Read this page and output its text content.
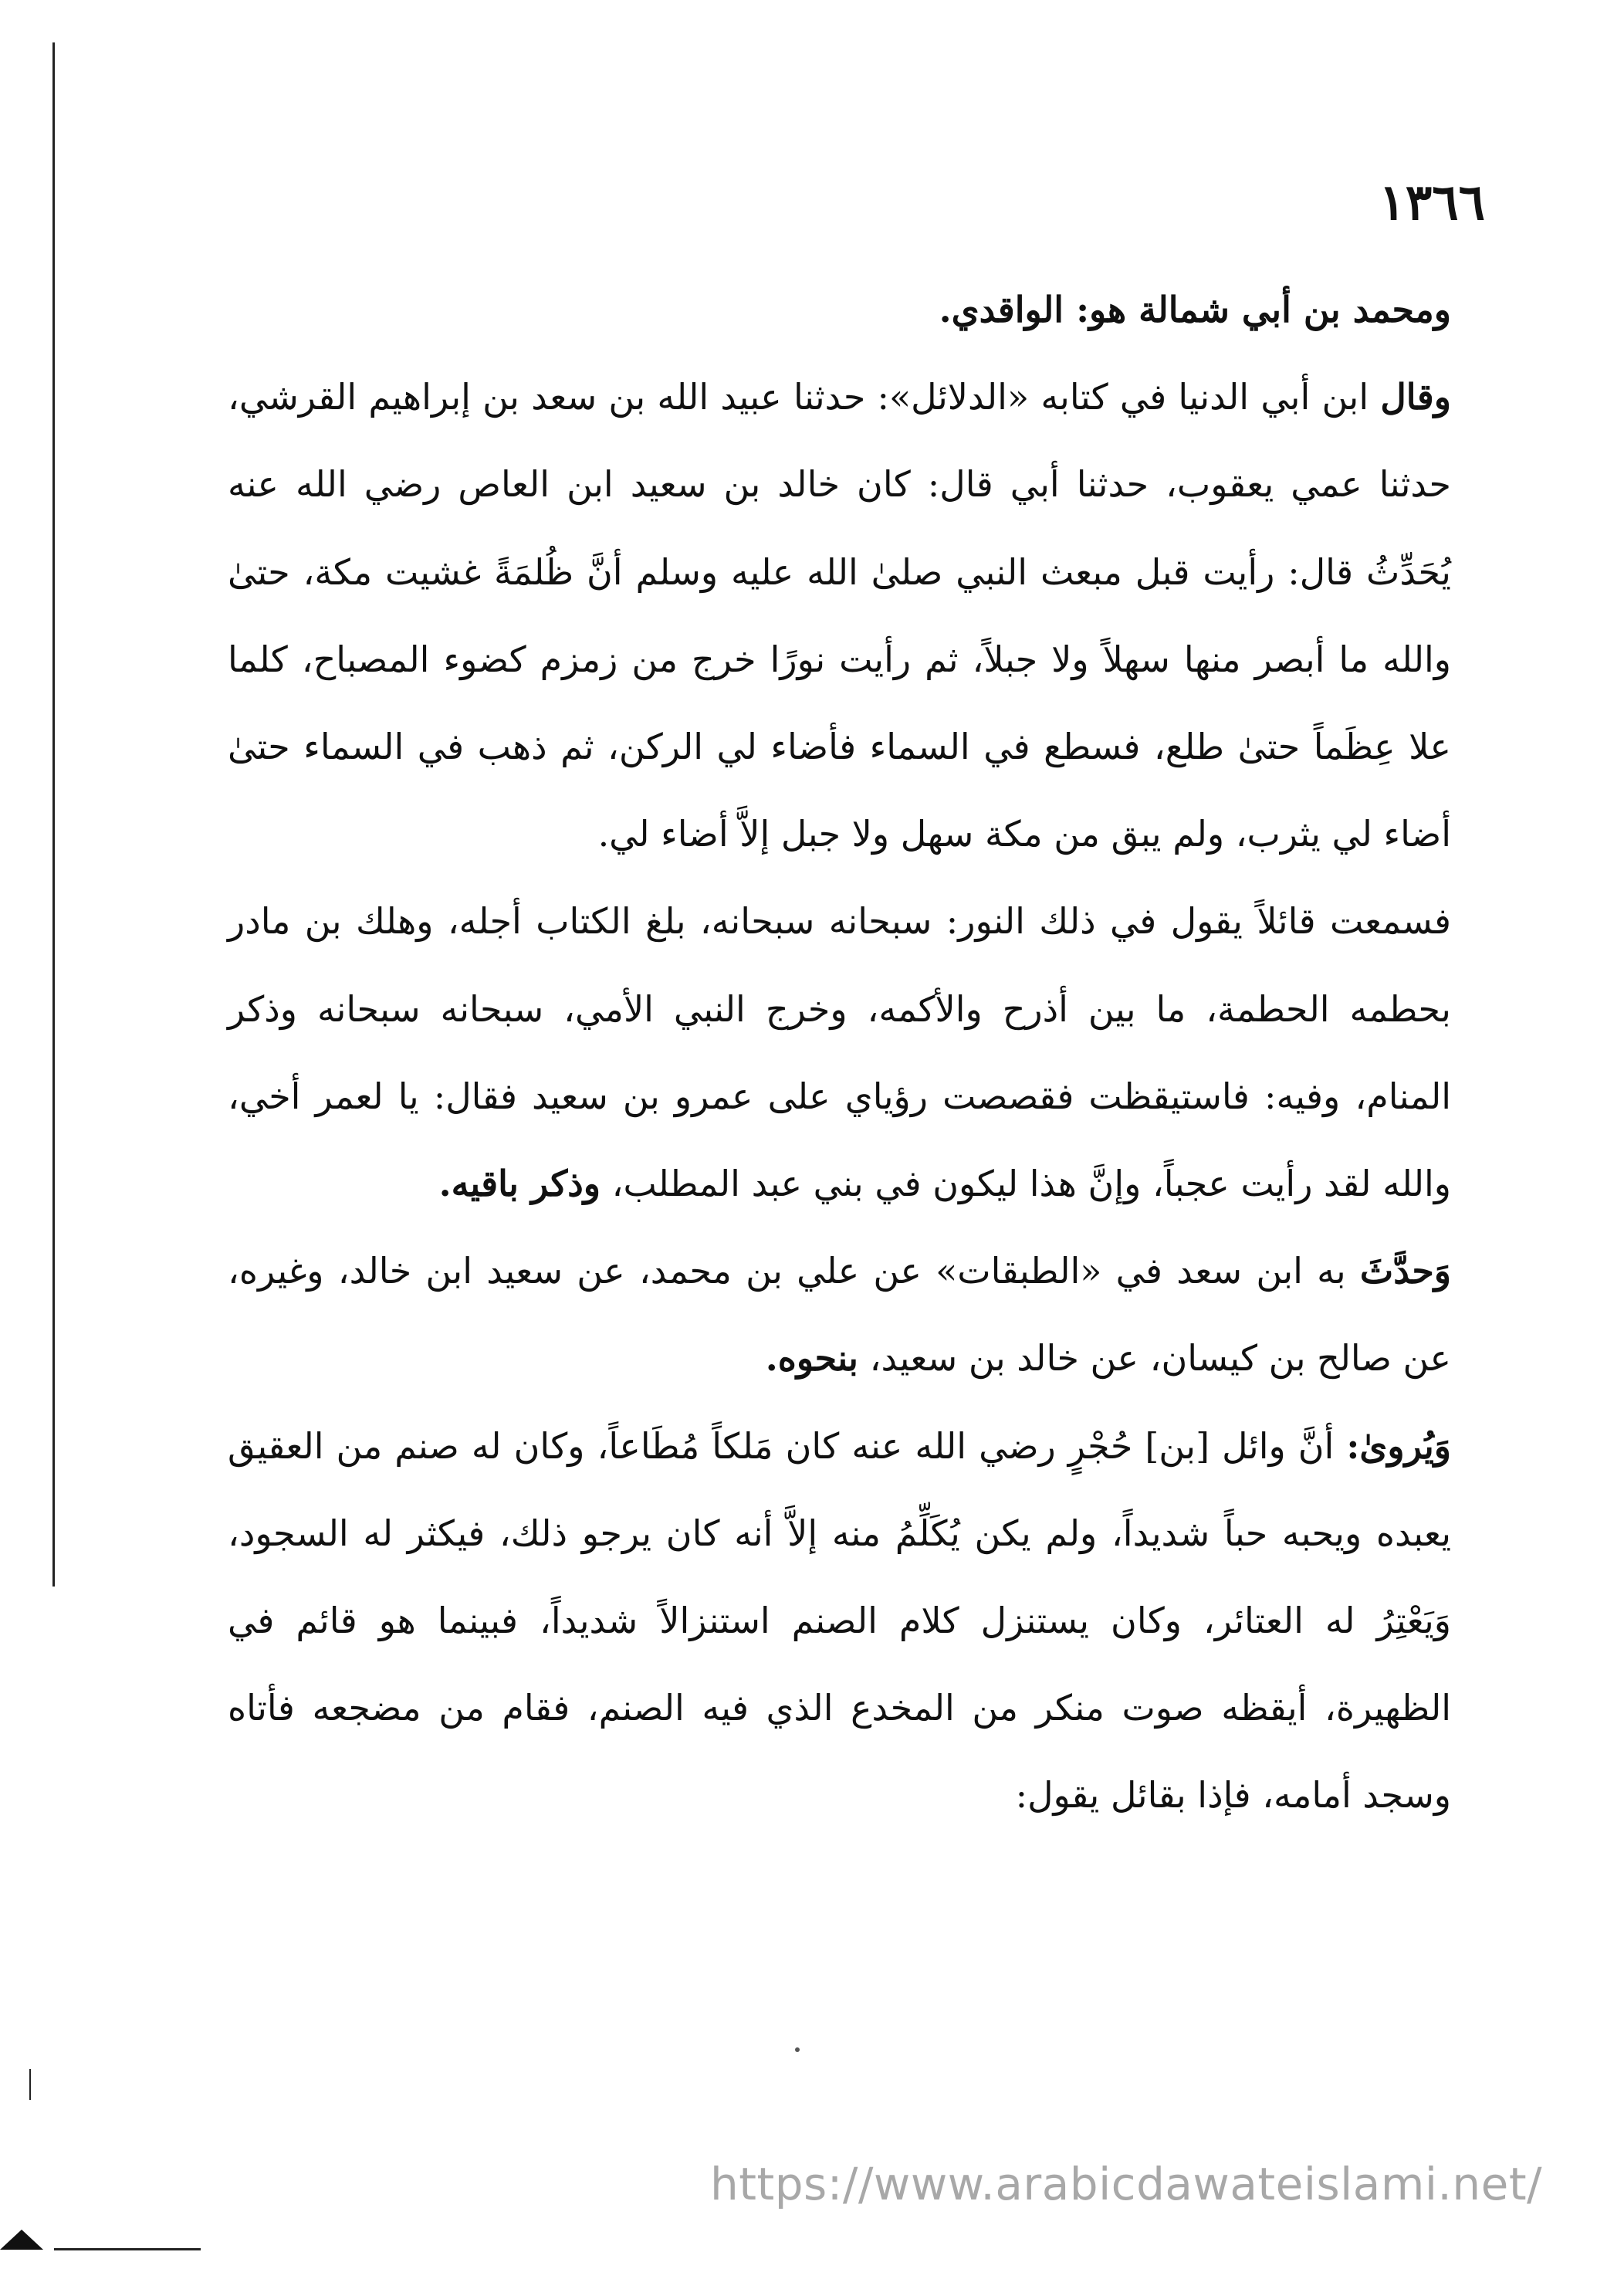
١٣٦٦

ومحمد بن أبي شمالة هو: الواقدي.

وقال ابن أبي الدنيا في كتابه «الدلائل»: حدثنا عبيد الله بن سعد بن إبراهيم القرشي، حدثنا عمي يعقوب، حدثنا أبي قال: كان خالد بن سعيد ابن العاص رضي الله عنه يُحَدِّثُ قال: رأيت قبل مبعث النبي صلىٰ الله عليه وسلم أنَّ ظُلمَةً غشيت مكة، حتىٰ والله ما أبصر منها سهلاً ولا جبلاً، ثم رأيت نورًا خرج من زمزم كضوء المصباح، كلما علا عِظَماً حتىٰ طلع، فسطع في السماء فأضاء لي الركن، ثم ذهب في السماء حتىٰ أضاء لي يثرب، ولم يبق من مكة سهل ولا جبل إلاَّ أضاء لي.

فسمعت قائلاً يقول في ذلك النور: سبحانه سبحانه، بلغ الكتاب أجله، وهلك بن مادر بحطمه الحطمة، ما بين أذرح والأكمه، وخرج النبي الأمي، سبحانه سبحانه وذكر المنام، وفيه: فاستيقظت فقصصت رؤياي على عمرو بن سعيد فقال: يا لعمر أخي، والله لقد رأيت عجباً، وإنَّ هذا ليكون في بني عبد المطلب، وذكر باقيه.

وَحدَّثَ به ابن سعد في «الطبقات» عن علي بن محمد، عن سعيد ابن خالد، وغيره، عن صالح بن كيسان، عن خالد بن سعيد، بنحوه.

وَيُروىٰ: أنَّ وائل [بن] حُجْرٍ رضي الله عنه كان مَلكاً مُطَاعاً، وكان له صنم من العقيق يعبده ويحبه حباً شديداً، ولم يكن يُكَلِّمُ منه إلاَّ أنه كان يرجو ذلك، فيكثر له السجود، وَيَعْتِرُ له العتائر، وكان يستنزل كلام الصنم استنزالاً شديداً، فبينما هو قائم في الظهيرة، أيقظه صوت منكر من المخدع الذي فيه الصنم، فقام من مضجعه فأتاه وسجد أمامه، فإذا بقائل يقول:

https://www.arabicdawateislami.net/
